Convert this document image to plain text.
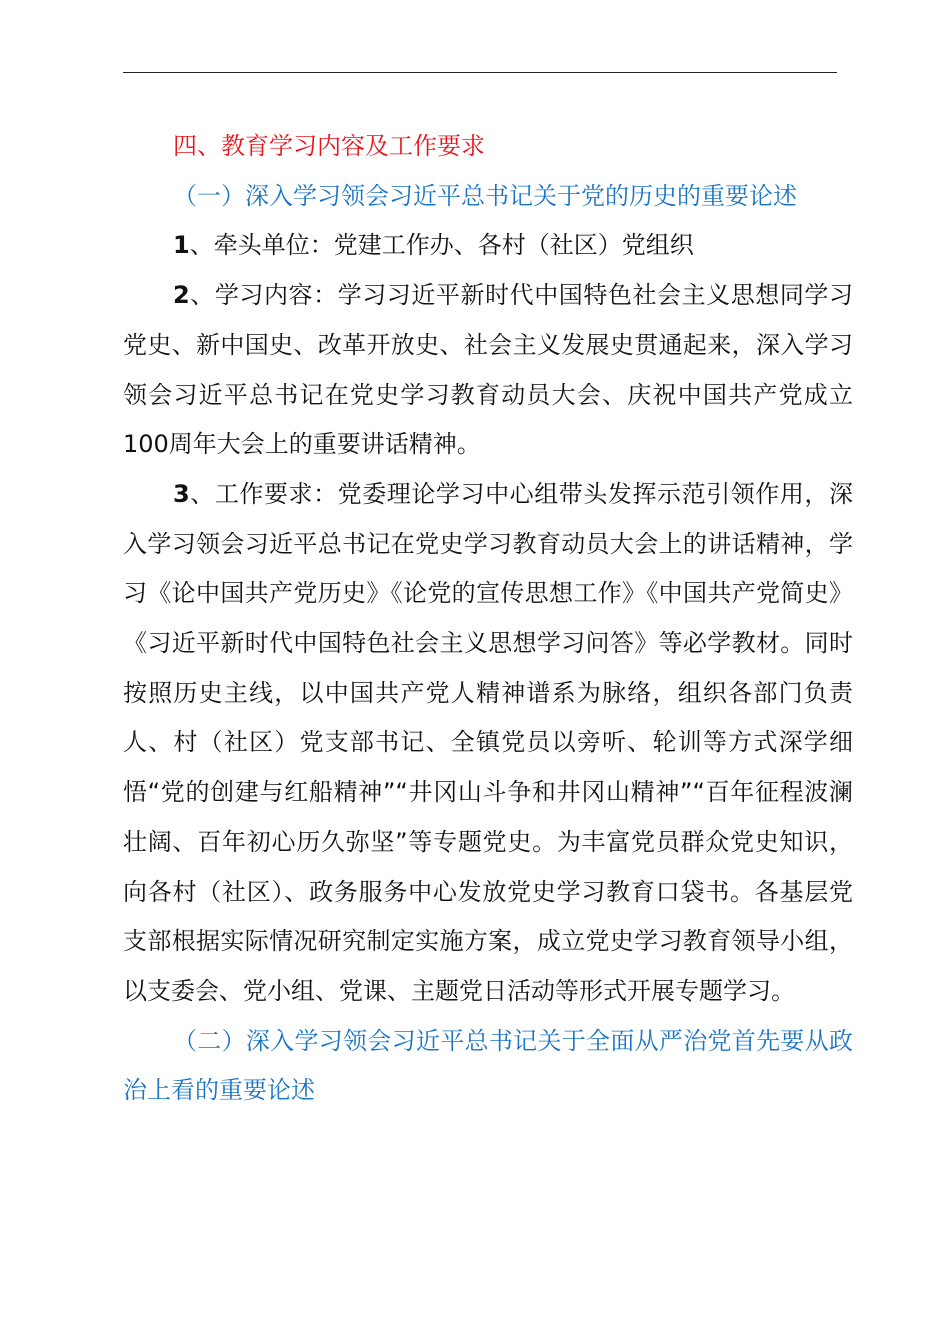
四、教育学习内容及工作要求

（一）深入学习领会习近平总书记关于党的历史的重要论述

1、牵头单位：党建工作办、各村（社区）党组织

2、学习内容：学习习近平新时代中国特色社会主义思想同学习党史、新中国史、改革开放史、社会主义发展史贯通起来，深入学习领会习近平总书记在党史学习教育动员大会、庆祝中国共产党成立100周年大会上的重要讲话精神。

3、工作要求：党委理论学习中心组带头发挥示范引领作用，深入学习领会习近平总书记在党史学习教育动员大会上的讲话精神，学习《论中国共产党历史》《论党的宣传思想工作》《中国共产党简史》《习近平新时代中国特色社会主义思想学习问答》等必学教材。同时按照历史主线，以中国共产党人精神谱系为脉络，组织各部门负责人、村（社区）党支部书记、全镇党员以旁听、轮训等方式深学细悟“党的创建与红船精神”“井冈山斗争和井冈山精神”“百年征程波澜壮阔、百年初心历久弥坚”等专题党史。为丰富党员群众党史知识，向各村（社区）、政务服务中心发放党史学习教育口袋书。各基层党支部根据实际情况研究制定实施方案，成立党史学习教育领导小组，以支委会、党小组、党课、主题党日活动等形式开展专题学习。

（二）深入学习领会习近平总书记关于全面从严治党首先要从政治上看的重要论述
